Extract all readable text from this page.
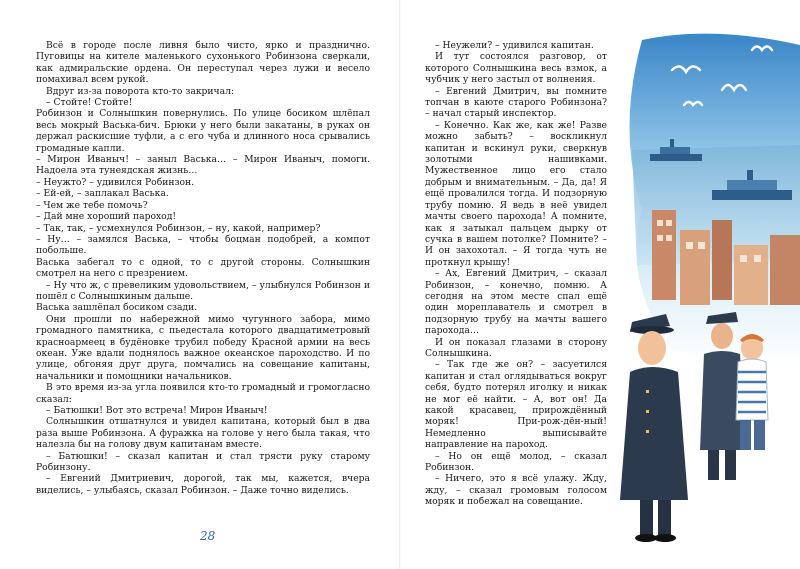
Всё в городе после ливня было чисто, ярко и празднично. Пуговицы на кителе маленького сухонького Робинзона сверкали, как адмиральские ордена. Он переступал через лужи и весело помахивал всем рукой.

Вдруг из-за поворота кто-то закричал:

– Стойте! Стойте!

Робинзон и Солнышкин повернулись. По улице босиком шлёпал весь мокрый Васька-бич. Брюки у него были закатаны, в руках он держал раскисшие туфли, а с его чуба и длинного носа срывались громадные капли.

– Мирон Иваныч! – заныл Васька… – Мирон Иваныч, помоги. Надоела эта тунеядская жизнь…

– Неужто? – удивился Робинзон.

– Ей-ей, – заплакал Васька.

– Чем же тебе помочь?

– Дай мне хороший пароход!

– Так, так, – усмехнулся Робинзон, – ну, какой, например?

– Ну… – замялся Васька, – чтобы боцман подобрей, а компот побольше.

Васька забегал то с одной, то с другой стороны. Солнышкин смотрел на него с презрением.

– Ну что ж, с превеликим удовольствием, – улыбнулся Робинзон и пошёл с Солнышкиным дальше.

Васька зашлёпал босиком сзади.

Они прошли по набережной мимо чугунного забора, мимо громадного памятника, с пьедестала которого двадцатиметровый красноармеец в будёновке трубил победу Красной армии на весь океан. Уже вдали поднялось важное океанское пароходство. И по улице, обгоняя друг друга, помчались на совещание капитаны, начальники и помощники начальников.

В это время из-за угла появился кто-то громадный и громогласно сказал:

– Батюшки! Вот это встреча! Мирон Иваныч!

Солнышкин отшатнулся и увидел капитана, который был в два раза выше Робинзона. А фуражка на голове у него была такая, что налезла бы на голову двум капитанам вместе.

– Батюшки! – сказал капитан и стал трясти руку старому Робинзону.

– Евгений Дмитриевич, дорогой, так мы, кажется, вчера виделись, – улыбаясь, сказал Робинзон. – Даже точно виделись.

28

– Неужели? – удивился капитан.

И тут состоялся разговор, от которого Солнышкина весь взмок, а чубчик у него застыл от волнения.

– Евгений Дмитрич, вы помните топчан в каюте старого Робинзона? – начал старый инспектор.

– Конечно. Как же, как же! Разве можно забыть? – воскликнул капитан и вскинул руки, сверкнув золотыми нашивками. Мужественное лицо его стало добрым и внимательным. – Да, да! Я ещё провалился тогда. И подзорную трубу помню. Я ведь в неё увидел мачты своего парохода! А помните, как я затыкал пальцем дырку от сучка в вашем потолке? Помните? – И он захохотал. – Я тогда чуть не проткнул крышу!

– Ах, Евгений Дмитрич, – сказал Робинзон, – конечно, помню. А сегодня на этом месте спал ещё один мореплаватель и смотрел в подзорную трубу на мачты вашего парохода…

И он показал глазами в сторону Солнышкина.

– Так где же он? – засуетился капитан и стал оглядываться вокруг себя, будто потерял иголку и никак не мог её найти. – А, вот он! Да какой красавец, прирождённый моряк! При-рож-дён-ный! Немедленно выписывайте направление на пароход.

– Но он ещё молод, – сказал Робинзон.

– Ничего, это я всё улажу. Жду, жду, – сказал громовым голосом моряк и побежал на совещание.
